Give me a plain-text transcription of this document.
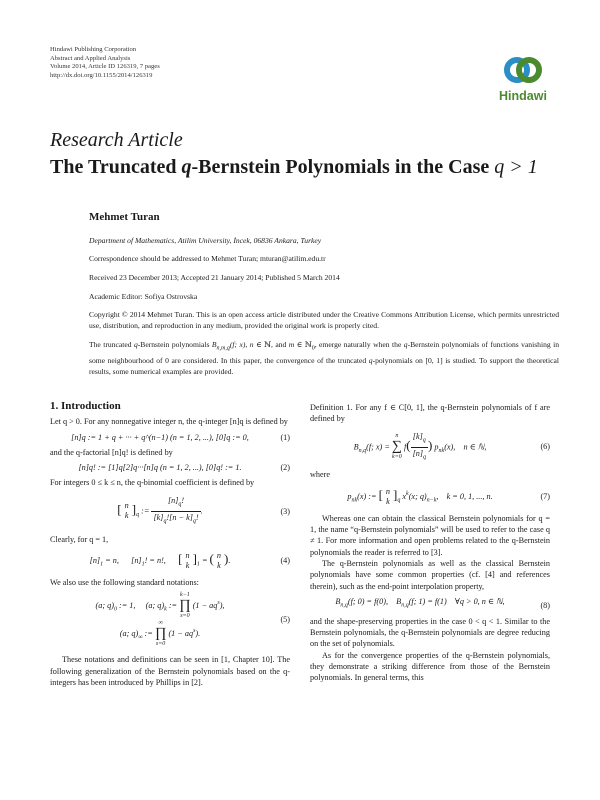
Hindawi Publishing Corporation
Abstract and Applied Analysis
Volume 2014, Article ID 126319, 7 pages
http://dx.doi.org/10.1155/2014/126319
Hindawi
Research Article
The Truncated q-Bernstein Polynomials in the Case q > 1
Mehmet Turan
Department of Mathematics, Atilim University, İncek, 06836 Ankara, Turkey
Correspondence should be addressed to Mehmet Turan; mturan@atilim.edu.tr
Received 23 December 2013; Accepted 21 January 2014; Published 5 March 2014
Academic Editor: Sofiya Ostrovska
Copyright © 2014 Mehmet Turan. This is an open access article distributed under the Creative Commons Attribution License, which permits unrestricted use, distribution, and reproduction in any medium, provided the original work is properly cited.
The truncated q-Bernstein polynomials $B_{n,m,q}(f$; x), n ∈ ℕ, and m ∈ ℕ$_0$, emerge naturally when the q-Bernstein polynomials of functions vanishing in some neighbourhood of 0 are considered. In this paper, the convergence of the truncated q-polynomials on [0, 1] is studied. To support the theoretical results, some numerical examples are provided.
1. Introduction

Let q > 0. For any nonnegative integer n, the q-integer [n]q is defined by

[n]q := 1 + q + ··· + q^(n−1) (n = 1, 2, ...), [0]q := 0,	(1)

and the q-factorial [n]q! is defined by

[n]q! := [1]q[2]q···[n]q (n = 1, 2, ...), [0]q! := 1.	(2)

For integers 0 ≤ k ≤ n, the q-binomial coefficient is defined by

[ n
k ]$_q$ := $\frac{[n]_q!}{[k]_q![n - k]_q!}$ .	(3)

Clearly, for q = 1,

$[n]_1 = n$,      $[n]_1$! = n!,      [ n
k ]$_1$ = ( n
k ).	(4)

We also use the following standard notations:

(a; $q)_0$ := 1,     (a; $q)_k$ := k−1
∏
s=0 $(1 - aq^s)$,
(a; $q)_\infty$ := ∞
∏
s=0 $(1 - aq^s)$.
(5)

These notations and definitions can be seen in [1, Chapter 10]. The following generalization of the Bernstein polynomials based on the q-integers has been introduced by Phillips in [2].

Definition 1. For any f ∈ C[0, 1], the q-Bernstein polynomials of f are defined by

$B_{n,q}(f$; x) = n
∑
k=0 $f( \frac{[k]_q}{[n]_q}$ ) $p_{nk}(x)$,    n ∈ ℕ,	(6)

where

$p_{nk}(x)$ := [ n
k ]$_q$ $x^k(x$; $q)_{n-k}$,    k = 0, 1, ..., n.	(7)

Whereas one can obtain the classical Bernstein polynomials for q = 1, the name “q-Bernstein polynomials” will be used to refer to the case q ≠ 1. For more information and open problems related to the q-Bernstein polynomials the reader is referred to [3].

The q-Bernstein polynomials as well as the classical Bernstein polynomials have some common properties (cf. [4] and references therein), such as the end-point interpolation property,

$B_{n,q}(f$; 0) = f(0),    $B_{n,q}(f$; 1) = f(1)    ∀q > 0, n ∈ ℕ,
(8)

and the shape-preserving properties in the case 0 < q < 1. Similar to the Bernstein polynomials, the q-Bernstein polynomials are degree reducing on the set of polynomials.

As for the convergence properties of the q-Bernstein polynomials, they demonstrate a striking difference from those of the Bernstein polynomials. In general terms, this
